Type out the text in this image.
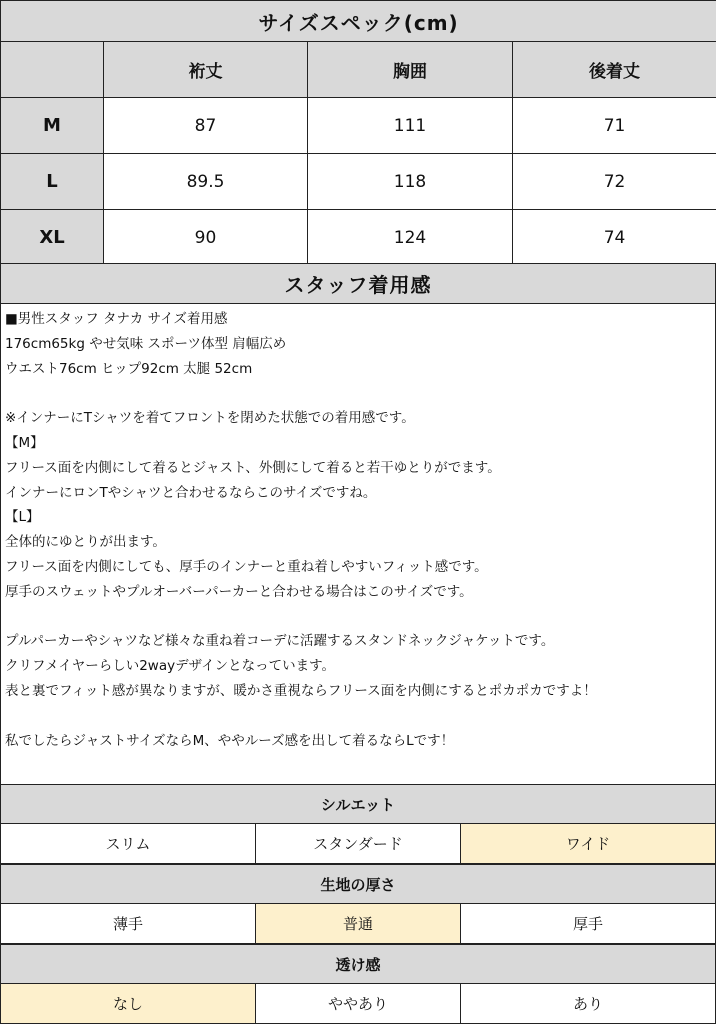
サイズスペック(cm)			
	裄丈	胸囲	後着丈
M	87	111	71
L	89.5	118	72
XL	90	124	74
スタッフ着用感
■男性スタッフ タナカ サイズ着用感
176cm65kg やせ気味 スポーツ体型 肩幅広め
ウエスト76cm ヒップ92cm 太腿 52cm
※インナーにTシャツを着てフロントを閉めた状態での着用感です。
【M】
フリース面を内側にして着るとジャスト、外側にして着ると若干ゆとりがでます。
インナーにロンTやシャツと合わせるならこのサイズですね。
【L】
全体的にゆとりが出ます。
フリース面を内側にしても、厚手のインナーと重ね着しやすいフィット感です。
厚手のスウェットやプルオーバーパーカーと合わせる場合はこのサイズです。
プルパーカーやシャツなど様々な重ね着コーデに活躍するスタンドネックジャケットです。
クリフメイヤーらしい2wayデザインとなっています。
表と裏でフィット感が異なりますが、暖かさ重視ならフリース面を内側にするとポカポカですよ！
私でしたらジャストサイズならM、ややルーズ感を出して着るならLです！
シルエット
スリム	スタンダード	ワイド
生地の厚さ
薄手	普通	厚手
透け感
なし	ややあり	あり
